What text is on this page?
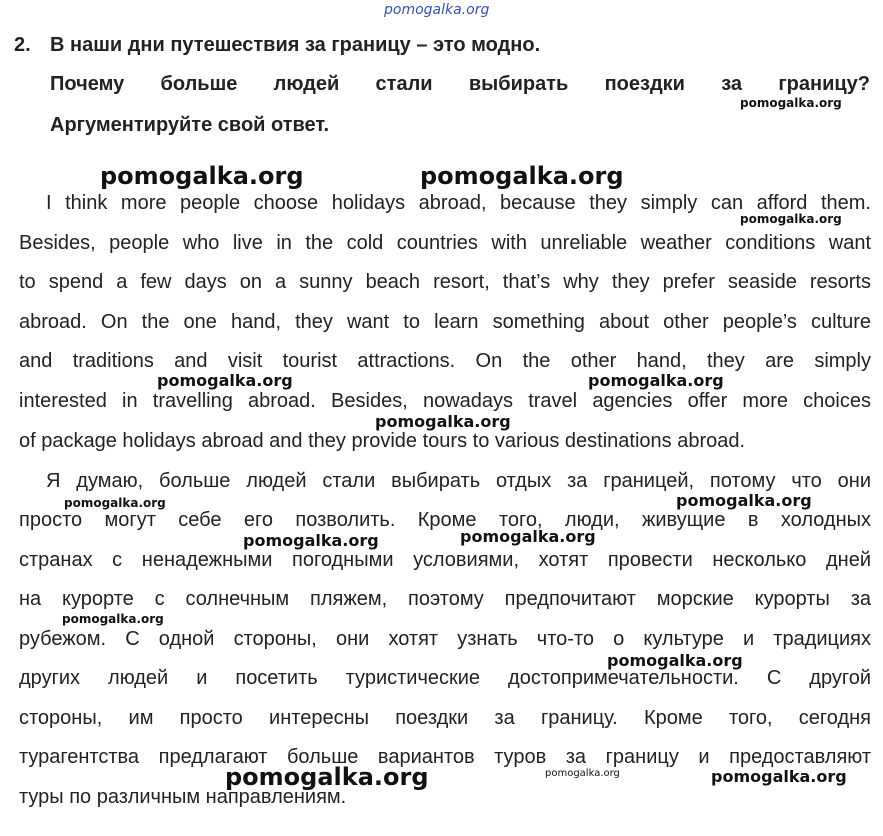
pomogalka.org
2. В наши дни путешествия за границу – это модно.
Почему больше людей стали выбирать поездки за границу?
Аргументируйте свой ответ.
I think more people choose holidays abroad, because they simply can afford them.
Besides, people who live in the cold countries with unreliable weather conditions want
to spend a few days on a sunny beach resort, that’s why they prefer seaside resorts
abroad. On the one hand, they want to learn something about other people’s culture
and traditions and visit tourist attractions. On the other hand, they are simply
interested in travelling abroad. Besides, nowadays travel agencies offer more choices
of package holidays abroad and they provide tours to various destinations abroad.
Я думаю, больше людей стали выбирать отдых за границей, потому что они
просто могут себе его позволить. Кроме того, люди, живущие в холодных
странах с ненадежными погодными условиями, хотят провести несколько дней
на курорте с солнечным пляжем, поэтому предпочитают морские курорты за
рубежом. С одной стороны, они хотят узнать что-то о культуре и традициях
других людей и посетить туристические достопримечательности. С другой
стороны, им просто интересны поездки за границу. Кроме того, сегодня
турагентства предлагают больше вариантов туров за границу и предоставляют
туры по различным направлениям.
pomogalka.org
pomogalka.org	pomogalka.org
pomogalka.org
pomogalka.org	pomogalka.org
pomogalka.org
pomogalka.org	pomogalka.org
pomogalka.org	pomogalka.org
pomogalka.org
pomogalka.org
pomogalka.org	pomogalka.org	pomogalka.org
